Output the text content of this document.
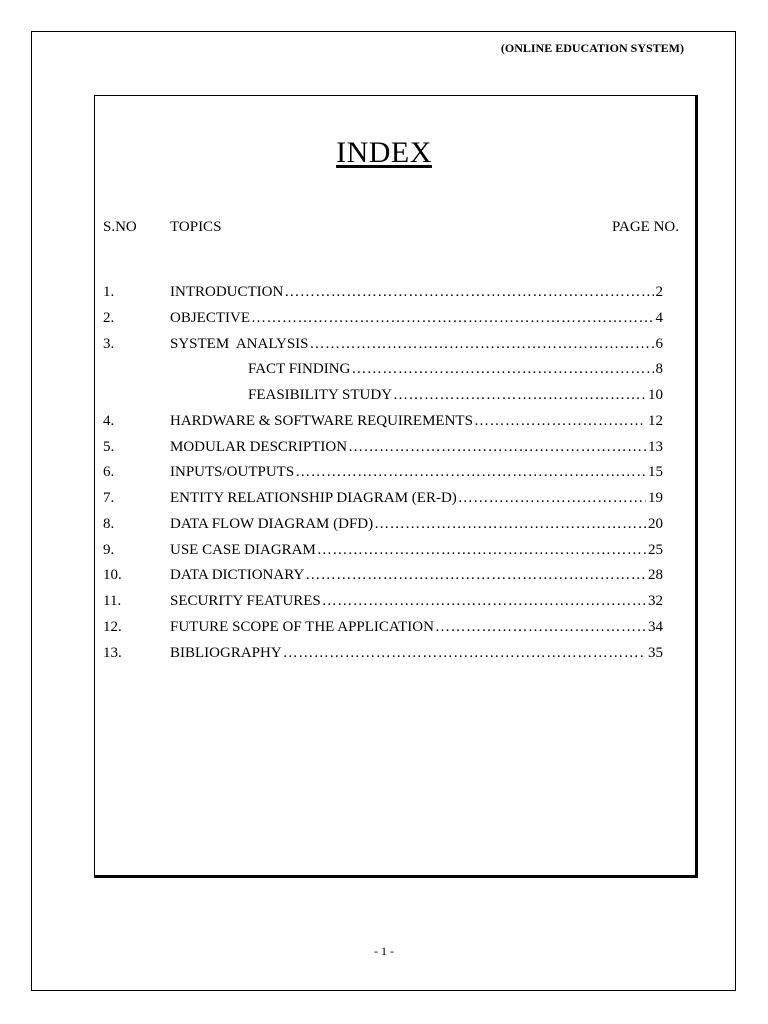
(ONLINE EDUCATION SYSTEM)
INDEX
S.NO TOPICS	PAGE NO.
1.	INTRODUCTION …………………………………………………………………………………………………………………………………………………………	2
2.	OBJECTIVE …………………………………………………………………………………………………………………………………………………………	4
3.	SYSTEM  ANALYSIS …………………………………………………………………………………………………………………………………………………………	6
FACT FINDING …………………………………………………………………………………………………………………………………………………………	8
FEASIBILITY STUDY …………………………………………………………………………………………………………………………………………………………	10
4.	HARDWARE & SOFTWARE REQUIREMENTS …………………………………………………………………………………………………………………………………………………………	12
5.	MODULAR DESCRIPTION …………………………………………………………………………………………………………………………………………………………	13
6.	INPUTS/OUTPUTS …………………………………………………………………………………………………………………………………………………………	15
7.	ENTITY RELATIONSHIP DIAGRAM (ER-D) …………………………………………………………………………………………………………………………………………………………	19
8.	DATA FLOW DIAGRAM (DFD) …………………………………………………………………………………………………………………………………………………………	20
9.	USE CASE DIAGRAM …………………………………………………………………………………………………………………………………………………………	25
10.	DATA DICTIONARY …………………………………………………………………………………………………………………………………………………………	28
11.	SECURITY FEATURES …………………………………………………………………………………………………………………………………………………………	32
12.	FUTURE SCOPE OF THE APPLICATION …………………………………………………………………………………………………………………………………………………………	34
13.	BIBLIOGRAPHY …………………………………………………………………………………………………………………………………………………………	35
- 1 -
